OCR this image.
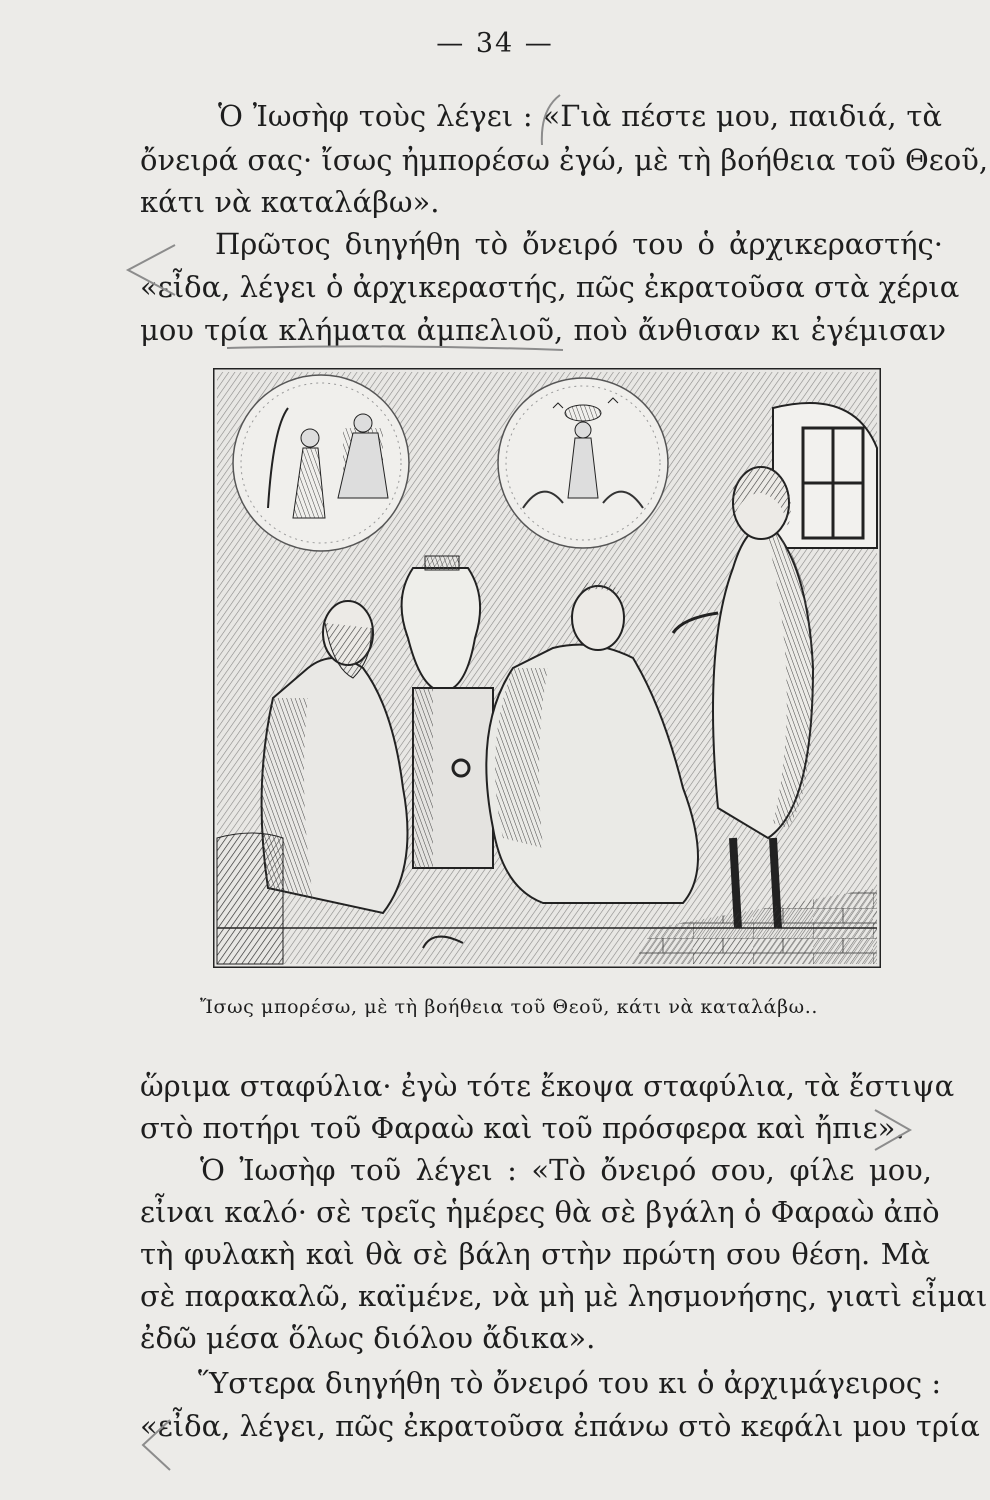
— 34 —
Ὁ Ἰωσὴφ τοὺς λέγει : «Γιὰ πέστε μου, παιδιά, τὰ
ὄνειρά σας· ἴσως ἠμπορέσω ἐγώ, μὲ τὴ βοήθεια τοῦ Θεοῦ,
κάτι νὰ καταλάβω».
Πρῶτος διηγήθη τὸ ὄνειρό του ὁ ἀρχικεραστής·
«εἶδα, λέγει ὁ ἀρχικεραστής, πῶς ἐκρατοῦσα στὰ χέρια
μου τρία κλήματα ἀμπελιοῦ, ποὺ ἄνθισαν κι ἐγέμισαν
Ἴσως μπορέσω, μὲ τὴ βοήθεια τοῦ Θεοῦ, κάτι νὰ καταλάβω..
ὥριμα σταφύλια· ἐγὼ τότε ἔκοψα σταφύλια, τὰ ἔστιψα
στὸ ποτήρι τοῦ Φαραὼ καὶ τοῦ πρόσφερα καὶ ἤπιε».
Ὁ Ἰωσὴφ τοῦ λέγει : «Τὸ ὄνειρό σου, φίλε μου,
εἶναι καλό· σὲ τρεῖς ἡμέρες θὰ σὲ βγάλη ὁ Φαραὼ ἀπὸ
τὴ φυλακὴ καὶ θὰ σὲ βάλη στὴν πρώτη σου θέση. Μὰ
σὲ παρακαλῶ, καϊμένε, νὰ μὴ μὲ λησμονήσης, γιατὶ εἶμαι
ἐδῶ μέσα ὅλως διόλου ἄδικα».
Ὕστερα διηγήθη τὸ ὄνειρό του κι ὁ ἀρχιμάγειρος :
«εἶδα, λέγει, πῶς ἐκρατοῦσα ἐπάνω στὸ κεφάλι μου τρία
